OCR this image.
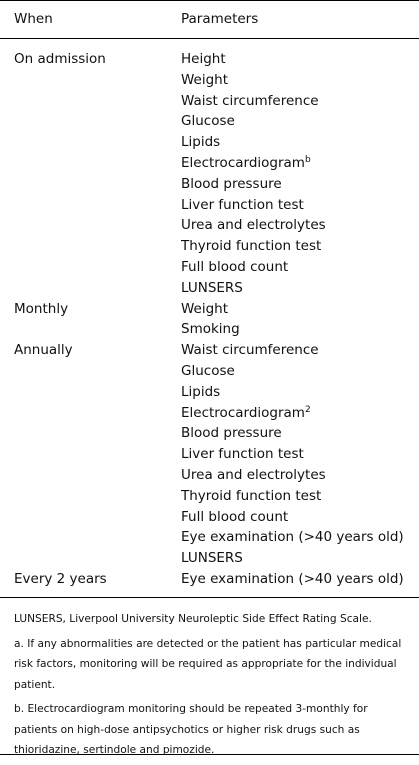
When	Parameters
On admission	Height
Weight
Waist circumference
Glucose
Lipids
Electrocardiogram$^b$
Blood pressure
Liver function test
Urea and electrolytes
Thyroid function test
Full blood count
LUNSERS
Monthly	Weight
Smoking
Annually	Waist circumference
Glucose
Lipids
Electrocardiogram$^2$
Blood pressure
Liver function test
Urea and electrolytes
Thyroid function test
Full blood count
Eye examination (>40 years old)
LUNSERS
Every 2 years	Eye examination (>40 years old)
LUNSERS, Liverpool University Neuroleptic Side Effect Rating Scale.
a. If any abnormalities are detected or the patient has particular medical risk factors, monitoring will be required as appropriate for the individual patient.
b. Electrocardiogram monitoring should be repeated 3-monthly for patients on high-dose antipsychotics or higher risk drugs such as thioridazine, sertindole and pimozide.
